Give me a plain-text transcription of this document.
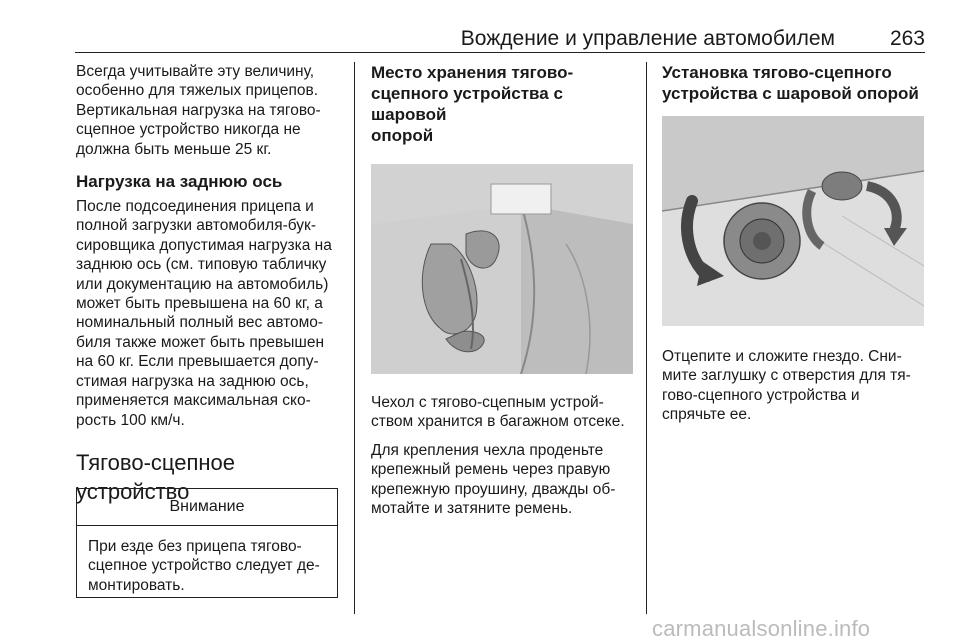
Вождение и управление автомобилем	263

Всегда учитывайте эту величину,
особенно для тяжелых прицепов.
Вертикальная нагрузка на тягово-
сцепное устройство никогда не
должна быть меньше 25 кг.

Нагрузка на заднюю ось

После подсоединения прицепа и
полной загрузки автомобиля-бук-
сировщика допустимая нагрузка на
заднюю ось (см. типовую табличку
или документацию на автомобиль)
может быть превышена на 60 кг, а
номинальный полный вес автомо-
биля также может быть превышен
на 60 кг. Если превышается допу-
стимая нагрузка на заднюю ось,
применяется максимальная ско-
рость 100 км/ч.

Тягово-сцепное
устройство
Внимание

При езде без прицепа тягово-
сцепное устройство следует де-
монтировать.

Место хранения тягово-
сцепного устройства с шаровой
опорой

Чехол с тягово-сцепным устрой-
ством хранится в багажном отсеке.

Для крепления чехла проденьте
крепежный ремень через правую
крепежную проушину, дважды об-
мотайте и затяните ремень.

Установка тягово-сцепного
устройства с шаровой опорой

Отцепите и сложите гнездо. Сни-
мите заглушку с отверстия для тя-
гово-сцепного устройства и
спрячьте ее.

carmanualsonline.info
